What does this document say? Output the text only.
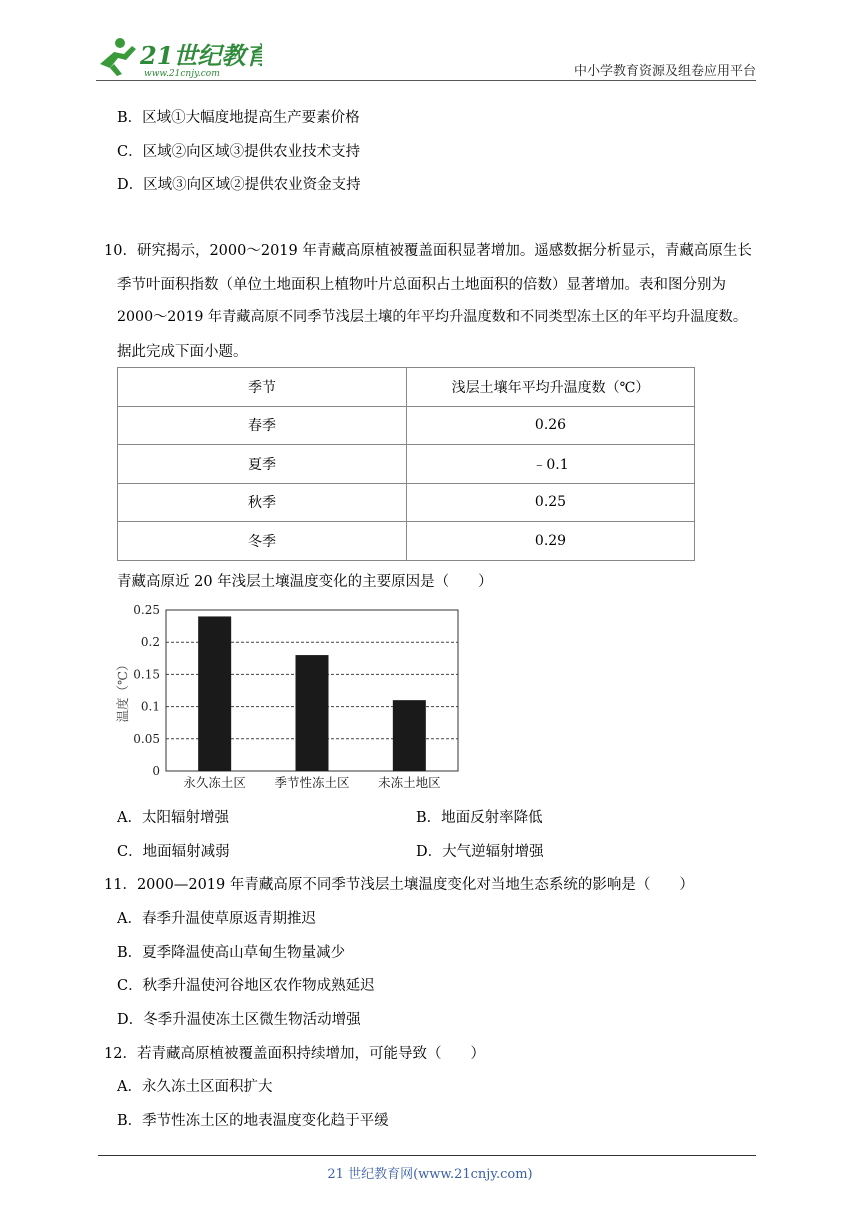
21世纪教育
www.21cnjy.com	中小学教育资源及组卷应用平台
B．区域①大幅度地提高生产要素价格
C．区域②向区域③提供农业技术支持
D．区域③向区域②提供农业资金支持
10．研究揭示，2000～2019 年青藏高原植被覆盖面积显著增加。遥感数据分析显示，青藏高原生长
季节叶面积指数（单位土地面积上植物叶片总面积占土地面积的倍数）显著增加。表和图分别为
2000～2019 年青藏高原不同季节浅层土壤的年平均升温度数和不同类型冻土区的年平均升温度数。
据此完成下面小题。
季节	浅层土壤年平均升温度数（℃）
春季	0.26
夏季	﹣0.1
秋季	0.25
冬季	0.29
青藏高原近 20 年浅层土壤温度变化的主要原因是（　　）
0
0.05
0.1
0.15
0.2
0.25
永久冻土区 季节性冻土区 未冻土地区
温度（℃）
A．太阳辐射增强	B．地面反射率降低
C．地面辐射减弱	D．大气逆辐射增强
11．2000—2019 年青藏高原不同季节浅层土壤温度变化对当地生态系统的影响是（　　）
A．春季升温使草原返青期推迟
B．夏季降温使高山草甸生物量减少
C．秋季升温使河谷地区农作物成熟延迟
D．冬季升温使冻土区微生物活动增强
12．若青藏高原植被覆盖面积持续增加，可能导致（　　）
A．永久冻土区面积扩大
B．季节性冻土区的地表温度变化趋于平缓
21 世纪教育网(www.21cnjy.com)
